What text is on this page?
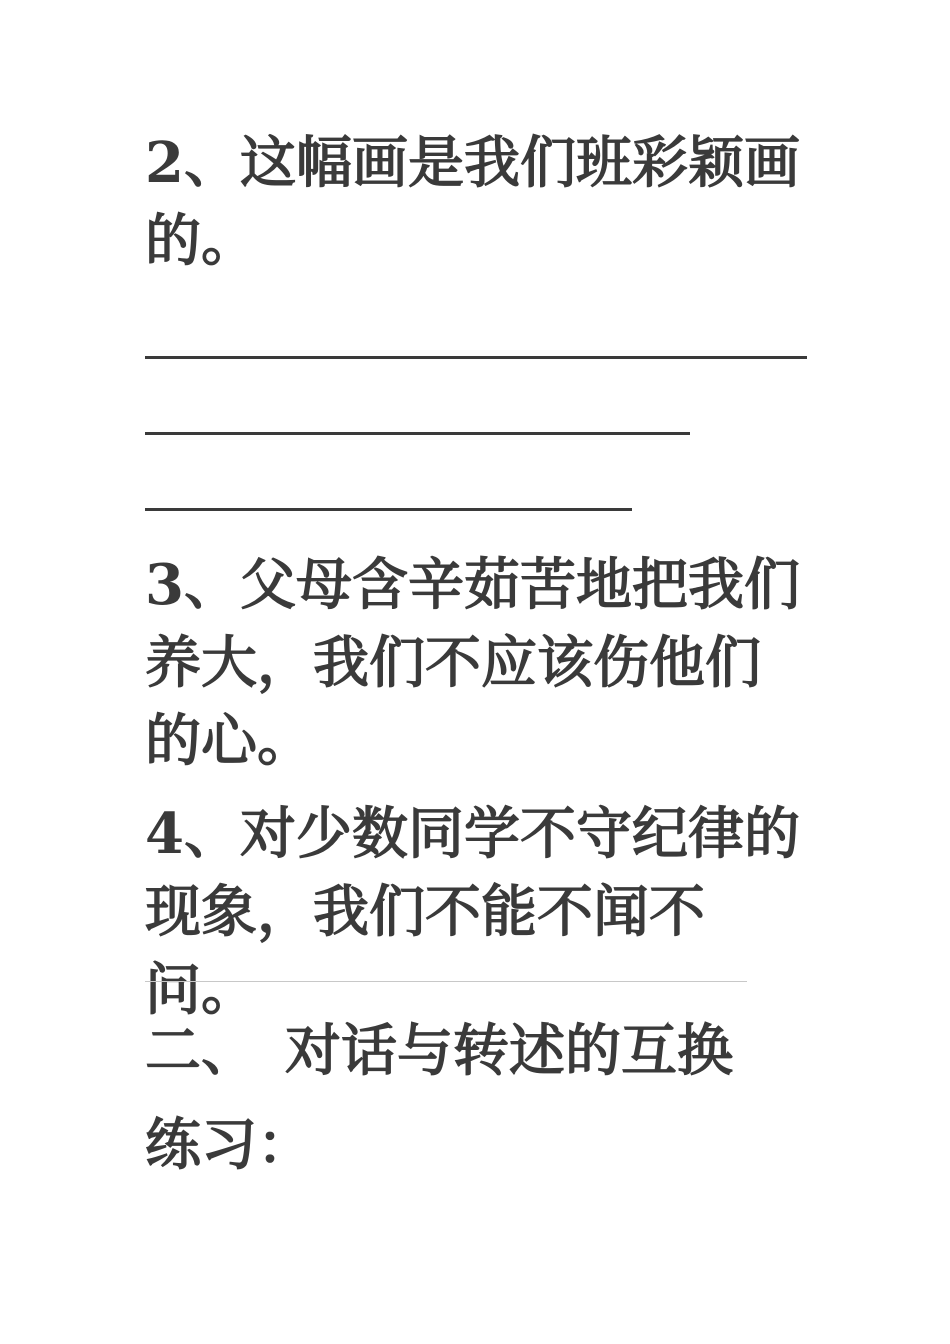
2、这幅画是我们班彩颖画的。

3、父母含辛茹苦地把我们养大，我们不应该伤他们的心。

4、对少数同学不守纪律的现象，我们不能不闻不问。

二、 对话与转述的互换

练习：
